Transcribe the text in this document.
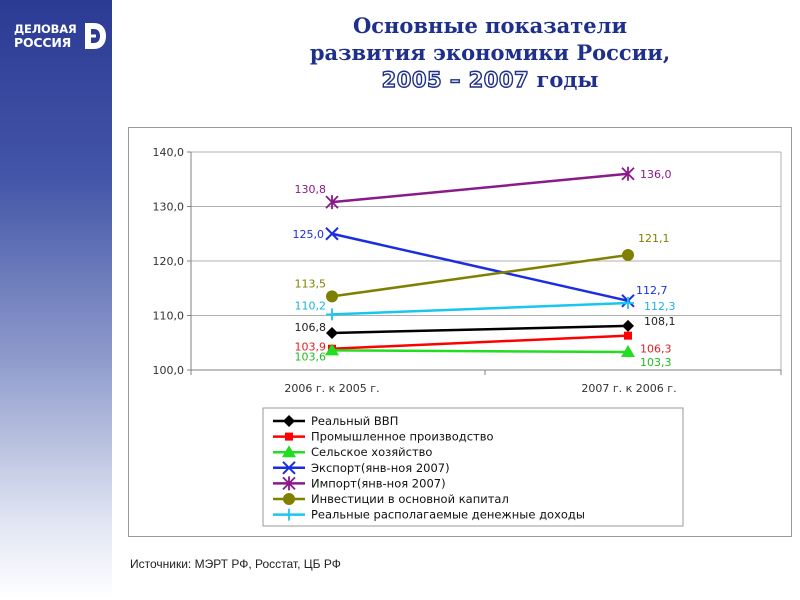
ДЕЛОВАЯ
РОССИЯ
Основные показатели
развития экономики России,
2005 – 2007 годы
100,0
110,0
120,0
130,0
140,0
2006 г. к 2005 г.	2007 г. к 2006 г.
106,8	108,1
103,9	106,3
103,6	103,3
125,0
112,7
130,8
136,0
113,5
121,1
110,2	112,3
Реальный ВВП
Промышленное производство
Сельское хозяйство
Экспорт(янв-ноя 2007)
Импорт(янв-ноя 2007)
Инвестиции в основной капитал
Реальные располагаемые денежные доходы
Источники: МЭРТ РФ, Росстат, ЦБ РФ
